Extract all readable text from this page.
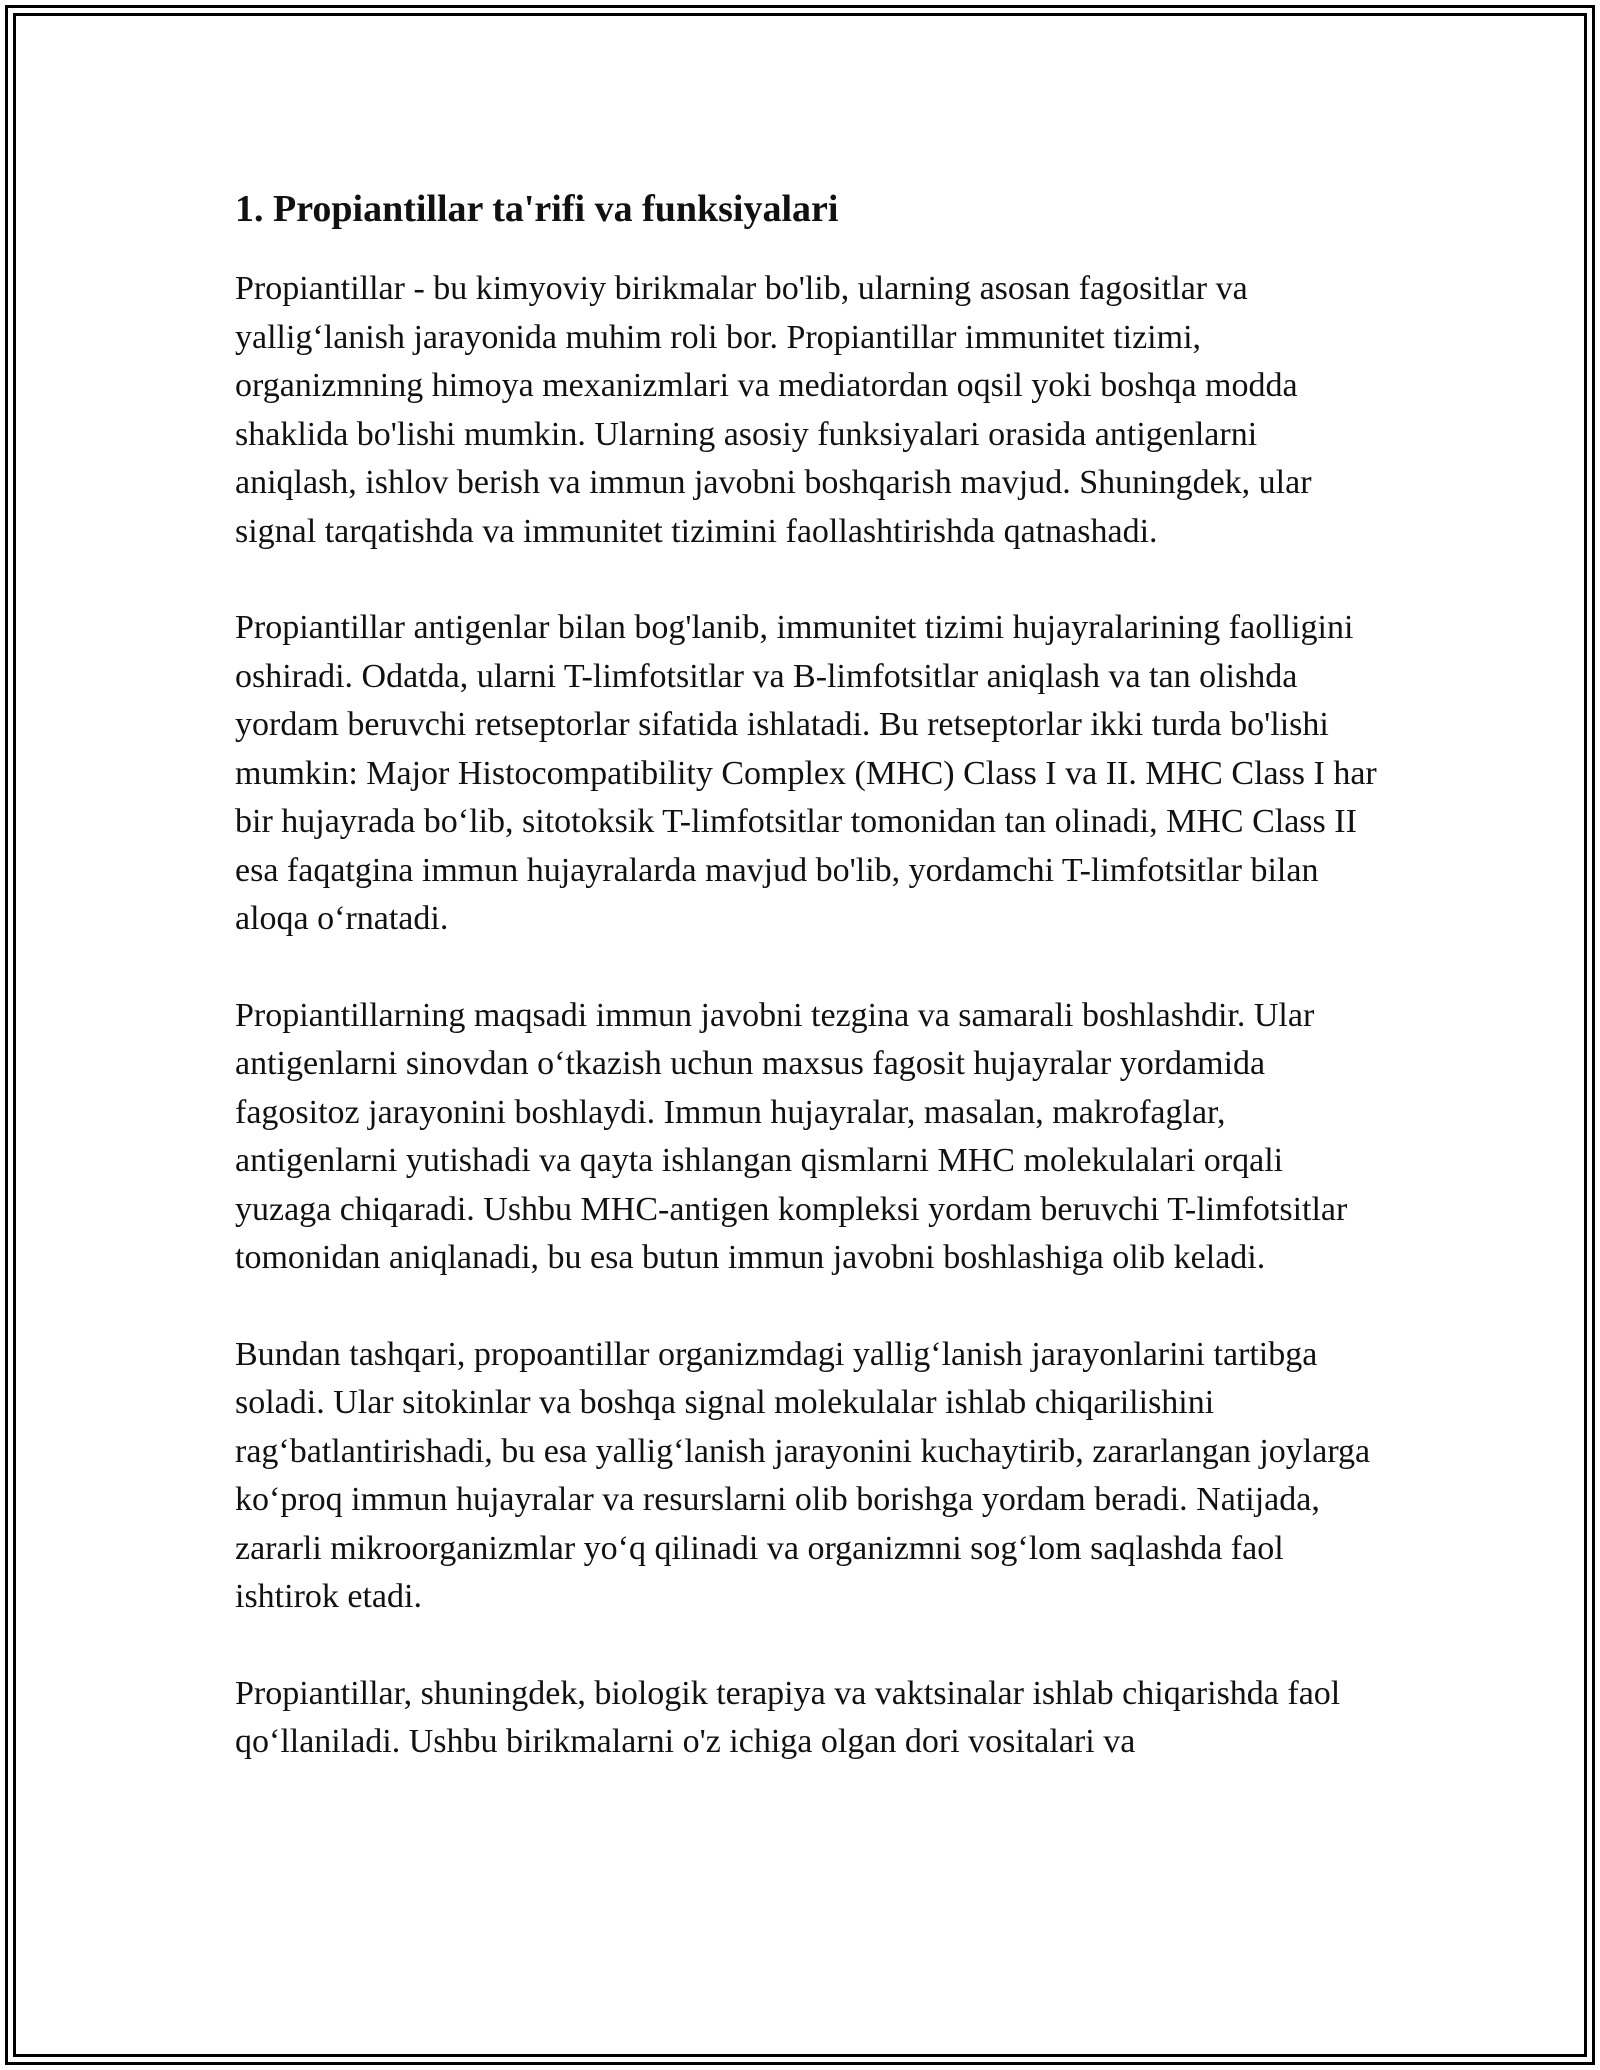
1. Propiantillar ta'rifi va funksiyalari

Propiantillar - bu kimyoviy birikmalar bo'lib, ularning asosan fagositlar va yallig‘lanish jarayonida muhim roli bor. Propiantillar immunitet tizimi, organizmning himoya mexanizmlari va mediatordan oqsil yoki boshqa modda shaklida bo'lishi mumkin. Ularning asosiy funksiyalari orasida antigenlarni aniqlash, ishlov berish va immun javobni boshqarish mavjud. Shuningdek, ular signal tarqatishda va immunitet tizimini faollashtirishda qatnashadi.

Propiantillar antigenlar bilan bog'lanib, immunitet tizimi hujayralarining faolligini oshiradi. Odatda, ularni T-limfotsitlar va B-limfotsitlar aniqlash va tan olishda yordam beruvchi retseptorlar sifatida ishlatadi. Bu retseptorlar ikki turda bo'lishi mumkin: Major Histocompatibility Complex (MHC) Class I va II. MHC Class I har bir hujayrada bo‘lib, sitotoksik T-limfotsitlar tomonidan tan olinadi, MHC Class II esa faqatgina immun hujayralarda mavjud bo'lib, yordamchi T-limfotsitlar bilan aloqa o‘rnatadi.

Propiantillarning maqsadi immun javobni tezgina va samarali boshlashdir. Ular antigenlarni sinovdan o‘tkazish uchun maxsus fagosit hujayralar yordamida fagositoz jarayonini boshlaydi. Immun hujayralar, masalan, makrofaglar, antigenlarni yutishadi va qayta ishlangan qismlarni MHC molekulalari orqali yuzaga chiqaradi. Ushbu MHC-antigen kompleksi yordam beruvchi T-limfotsitlar tomonidan aniqlanadi, bu esa butun immun javobni boshlashiga olib keladi.

Bundan tashqari, propoantillar organizmdagi yallig‘lanish jarayonlarini tartibga soladi. Ular sitokinlar va boshqa signal molekulalar ishlab chiqarilishini rag‘batlantirishadi, bu esa yallig‘lanish jarayonini kuchaytirib, zararlangan joylarga ko‘proq immun hujayralar va resurslarni olib borishga yordam beradi. Natijada, zararli mikroorganizmlar yo‘q qilinadi va organizmni sog‘lom saqlashda faol ishtirok etadi.

Propiantillar, shuningdek, biologik terapiya va vaktsinalar ishlab chiqarishda faol qo‘llaniladi. Ushbu birikmalarni o'z ichiga olgan dori vositalari va
